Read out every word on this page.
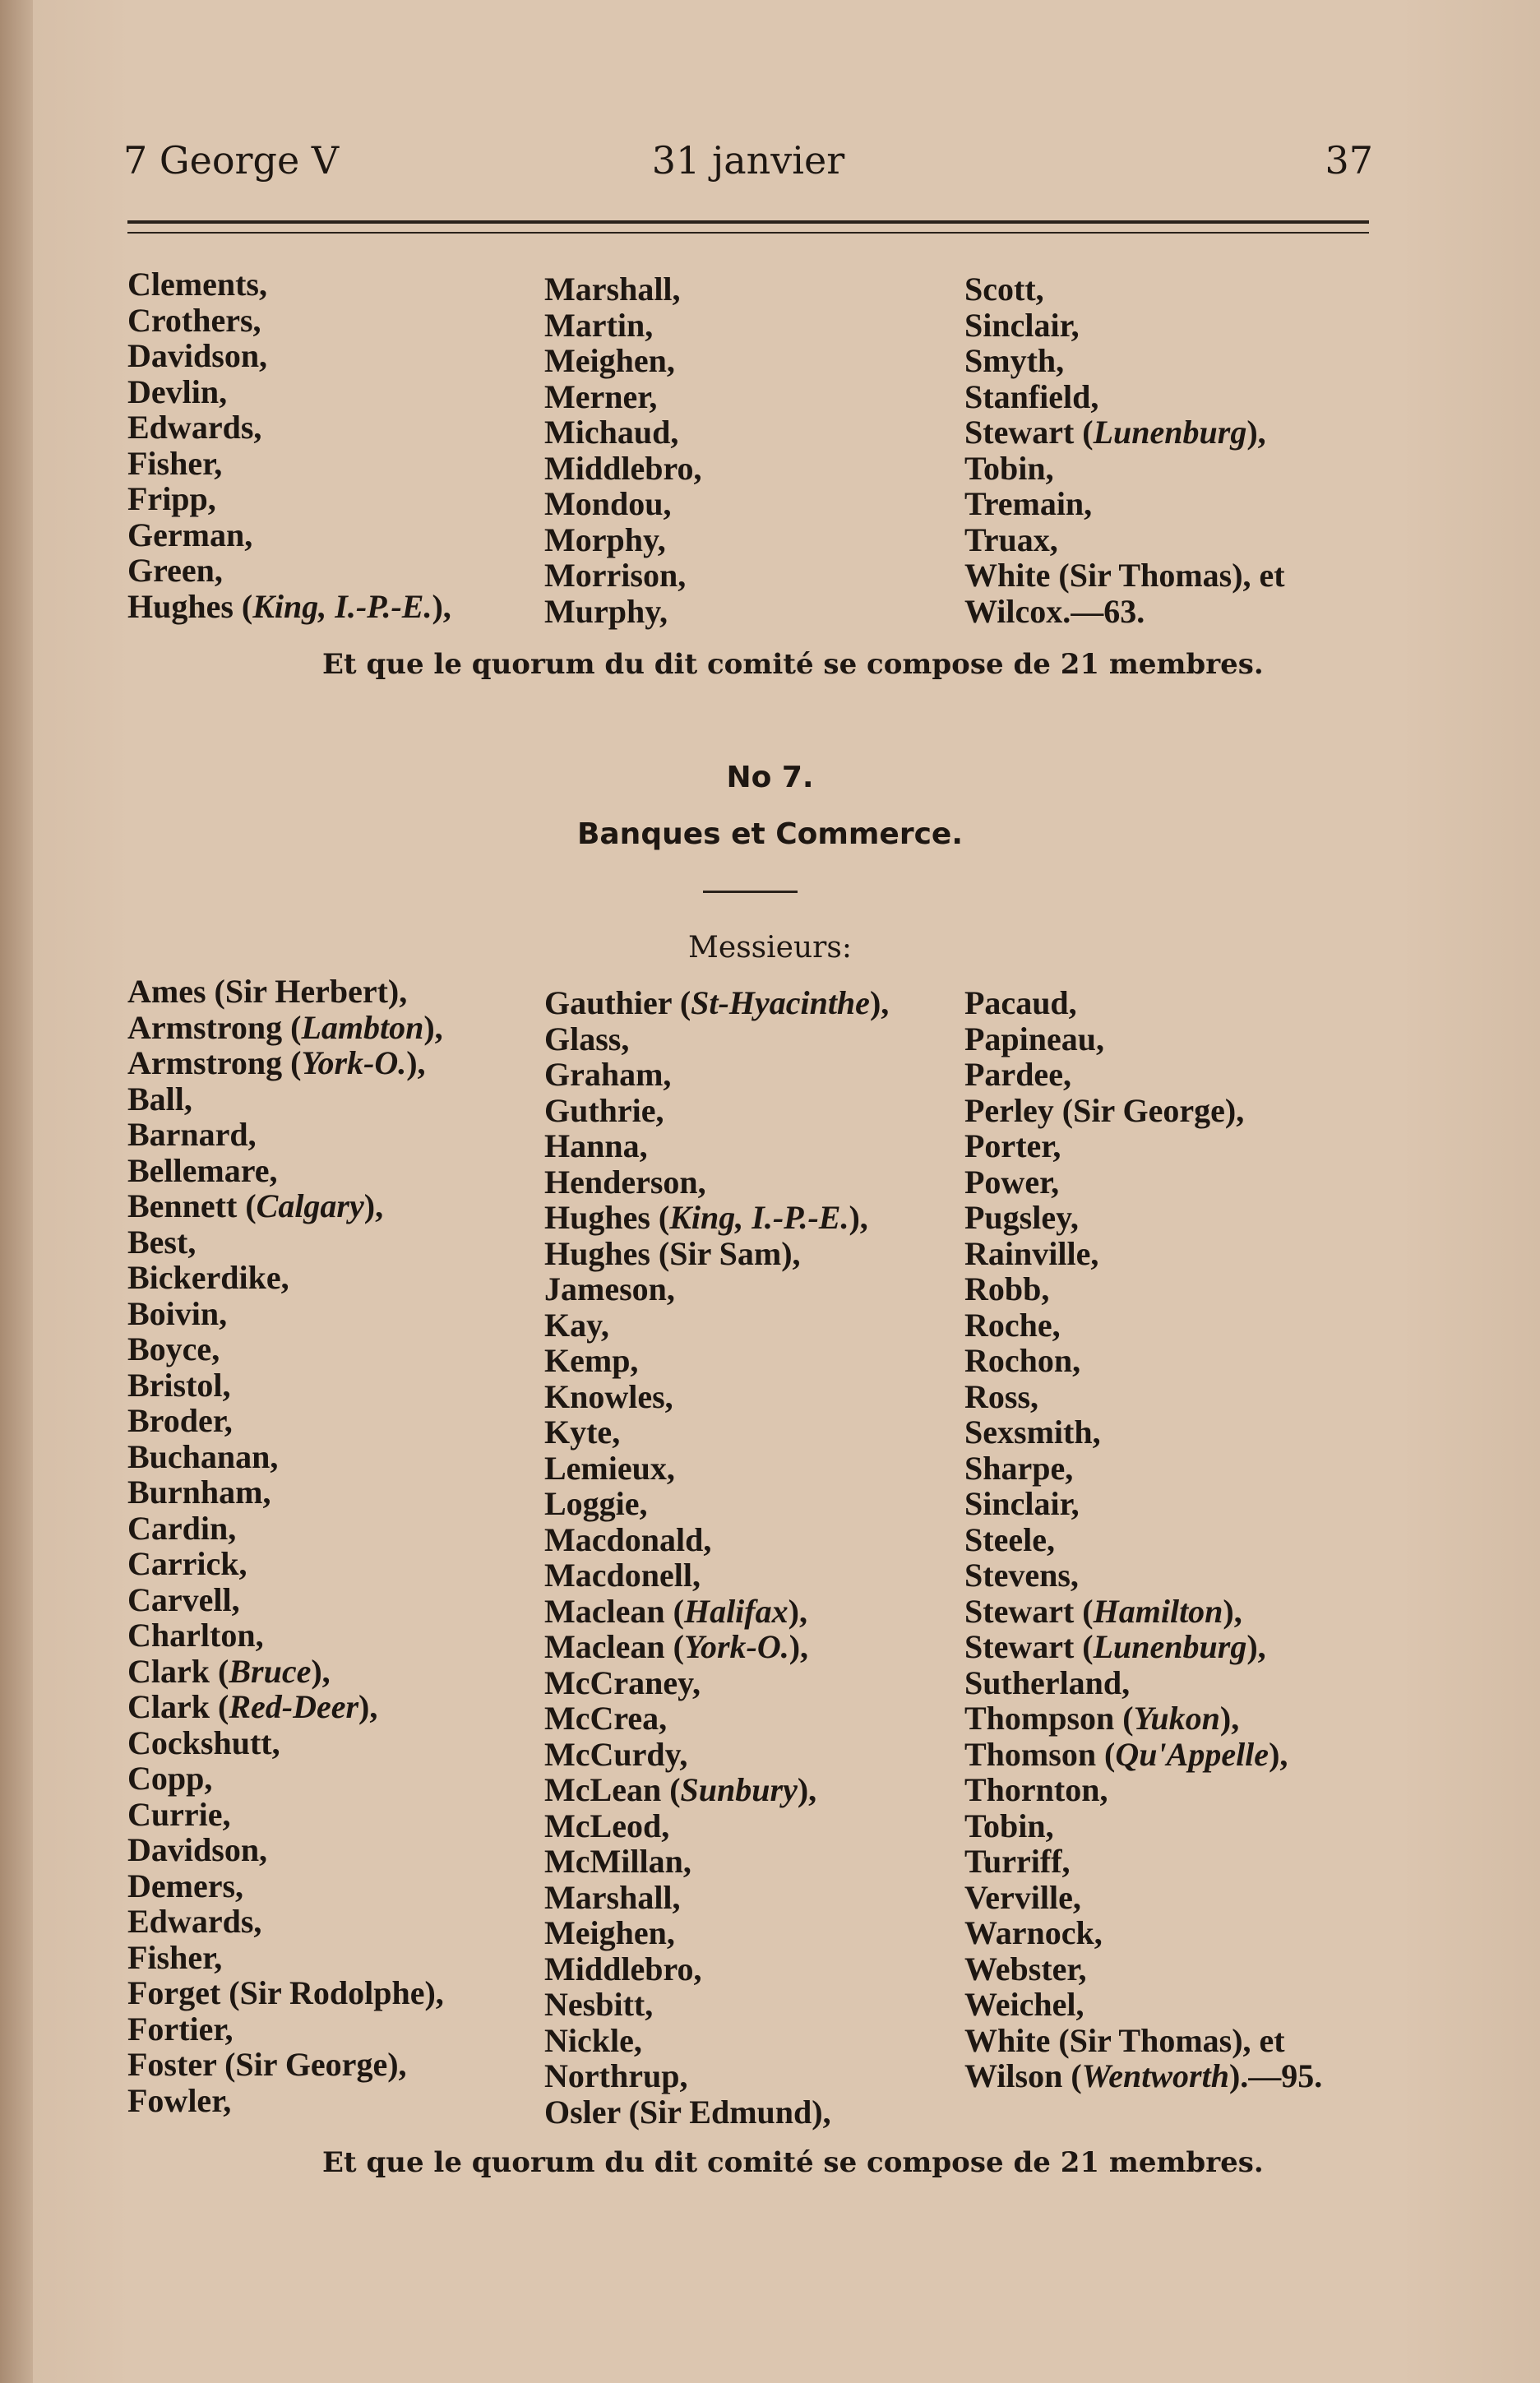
7 George V	31 janvier	37
Clements,
Crothers,
Davidson,
Devlin,
Edwards,
Fisher,
Fripp,
German,
Green,
Hughes (King, I.-P.-E.),
Marshall,
Martin,
Meighen,
Merner,
Michaud,
Middlebro,
Mondou,
Morphy,
Morrison,
Murphy,
Scott,
Sinclair,
Smyth,
Stanfield,
Stewart (Lunenburg),
Tobin,
Tremain,
Truax,
White (Sir Thomas), et
Wilcox.—63.
Et que le quorum du dit comité se compose de 21 membres.
No 7.
Banques et Commerce.
Messieurs:
Ames (Sir Herbert),
Armstrong (Lambton),
Armstrong (York-O.),
Ball,
Barnard,
Bellemare,
Bennett (Calgary),
Best,
Bickerdike,
Boivin,
Boyce,
Bristol,
Broder,
Buchanan,
Burnham,
Cardin,
Carrick,
Carvell,
Charlton,
Clark (Bruce),
Clark (Red-Deer),
Cockshutt,
Copp,
Currie,
Davidson,
Demers,
Edwards,
Fisher,
Forget (Sir Rodolphe),
Fortier,
Foster (Sir George),
Fowler,
Gauthier (St-Hyacinthe),
Glass,
Graham,
Guthrie,
Hanna,
Henderson,
Hughes (King, I.-P.-E.),
Hughes (Sir Sam),
Jameson,
Kay,
Kemp,
Knowles,
Kyte,
Lemieux,
Loggie,
Macdonald,
Macdonell,
Maclean (Halifax),
Maclean (York-O.),
McCraney,
McCrea,
McCurdy,
McLean (Sunbury),
McLeod,
McMillan,
Marshall,
Meighen,
Middlebro,
Nesbitt,
Nickle,
Northrup,
Osler (Sir Edmund),
Pacaud,
Papineau,
Pardee,
Perley (Sir George),
Porter,
Power,
Pugsley,
Rainville,
Robb,
Roche,
Rochon,
Ross,
Sexsmith,
Sharpe,
Sinclair,
Steele,
Stevens,
Stewart (Hamilton),
Stewart (Lunenburg),
Sutherland,
Thompson (Yukon),
Thomson (Qu'Appelle),
Thornton,
Tobin,
Turriff,
Verville,
Warnock,
Webster,
Weichel,
White (Sir Thomas), et
Wilson (Wentworth).—95.
Et que le quorum du dit comité se compose de 21 membres.
